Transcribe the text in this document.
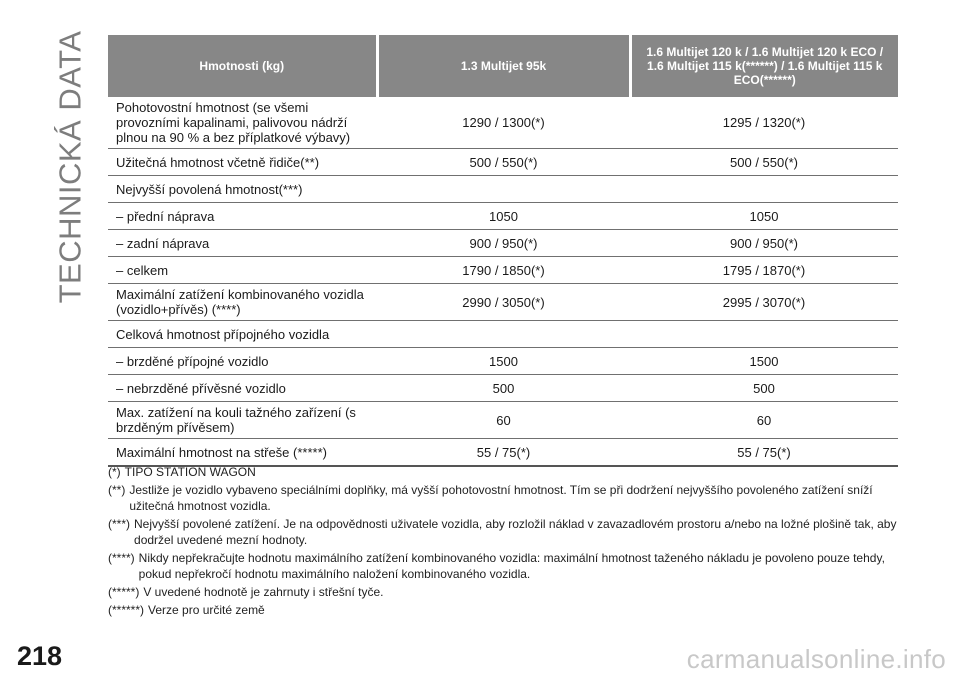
TECHNICKÁ DATA	Hmotnosti (kg)	1.3 Multijet 95k	1.6 Multijet 120 k / 1.6 Multijet 120 k ECO / 1.6 Multijet 115 k(******) / 1.6 Multijet 115 k ECO(******)
Pohotovostní hmotnost (se všemi provozními kapalinami, palivovou nádrží plnou na 90 % a bez příplatkové výbavy)	1290 / 1300(*)	1295 / 1320(*)
Užitečná hmotnost včetně řidiče(**)	500 / 550(*)	500 / 550(*)
Nejvyšší povolená hmotnost(***)		
– přední náprava	1050	1050
– zadní náprava	900 / 950(*)	900 / 950(*)
– celkem	1790 / 1850(*)	1795 / 1870(*)
Maximální zatížení kombinovaného vozidla (vozidlo+přívěs) (****)	2990 / 3050(*)	2995 / 3070(*)
Celková hmotnost přípojného vozidla		
– brzděné přípojné vozidlo	1500	1500
– nebrzděné přívěsné vozidlo	500	500
Max. zatížení na kouli tažného zařízení (s brzděným přívěsem)	60	60
Maximální hmotnost na střeše (*****)	55 / 75(*)	55 / 75(*)
(*) TIPO STATION WAGON
(**) Jestliže je vozidlo vybaveno speciálními doplňky, má vyšší pohotovostní hmotnost. Tím se při dodržení nejvyššího povoleného zatížení sníží užitečná hmotnost vozidla.
(***) Nejvyšší povolené zatížení. Je na odpovědnosti uživatele vozidla, aby rozložil náklad v zavazadlovém prostoru a/nebo na ložné plošině tak, aby dodržel uvedené mezní hodnoty.
(****) Nikdy nepřekračujte hodnotu maximálního zatížení kombinovaného vozidla: maximální hmotnost taženého nákladu je povoleno pouze tehdy, pokud nepřekročí hodnotu maximálního naložení kombinovaného vozidla.
(*****) V uvedené hodnotě je zahrnuty i střešní tyče.
(******) Verze pro určité země
218	carmanualsonline.info
